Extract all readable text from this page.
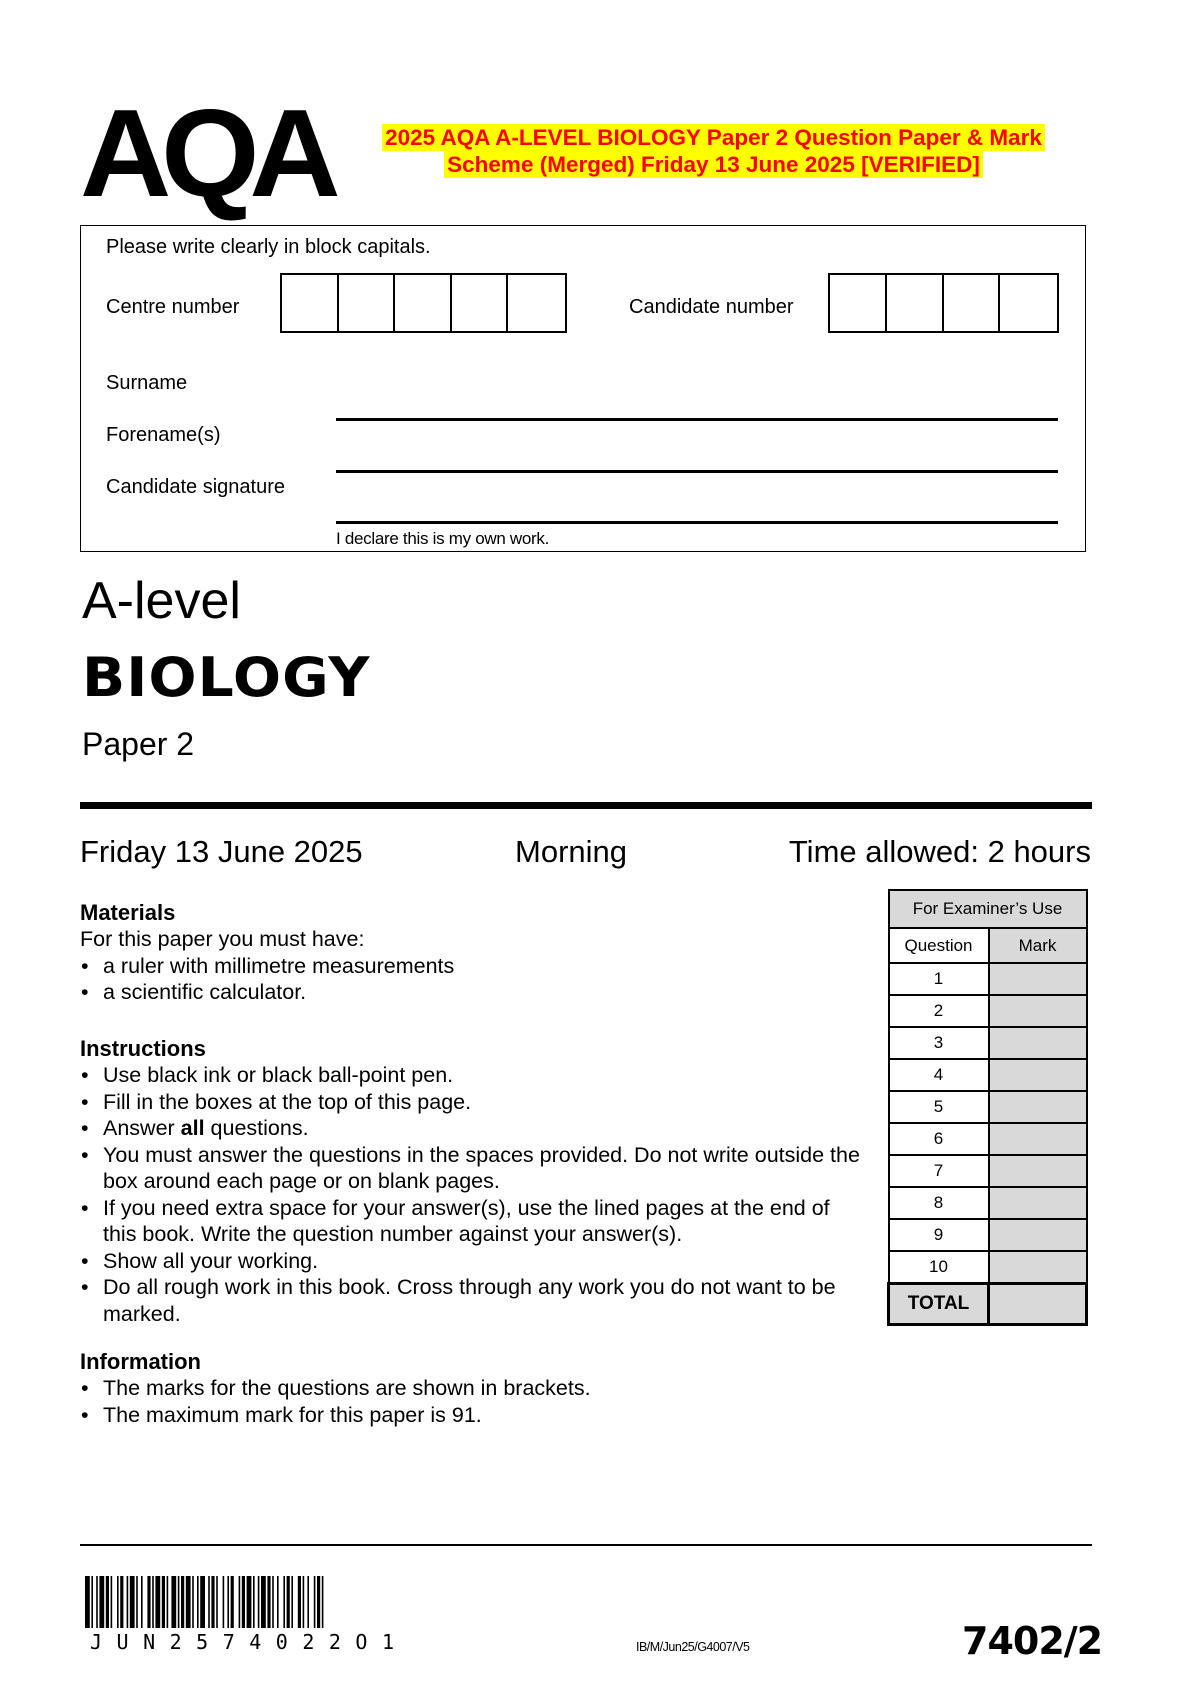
AQA	2025 AQA A-LEVEL BIOLOGY Paper 2 Question Paper & Mark
Scheme (Merged) Friday 13 June 2025 [VERIFIED]
Please write clearly in block capitals.
Centre number	Candidate number
Surname
Forename(s)
Candidate signature
I declare this is my own work.
A-level
BIOLOGY
Paper 2
Friday 13 June 2025	Morning	Time allowed: 2 hours
Materials
For this paper you must have:
• a ruler with millimetre measurements
• a scientific calculator.
Instructions
• Use black ink or black ball-point pen.
• Fill in the boxes at the top of this page.
• Answer all questions.
• You must answer the questions in the spaces provided. Do not write outside the box around each page or on blank pages.
• If you need extra space for your answer(s), use the lined pages at the end of this book. Write the question number against your answer(s).
• Show all your working.
• Do all rough work in this book. Cross through any work you do not want to be marked.
Information
• The marks for the questions are shown in brackets.
• The maximum mark for this paper is 91.
For Examiner’s Use	
Question	Mark
1	
2	
3	
4	
5	
6	
7	
8	
9	
10	
TOTAL	
JUN2574022O1	IB/M/Jun25/G4007/V5	7402/2
